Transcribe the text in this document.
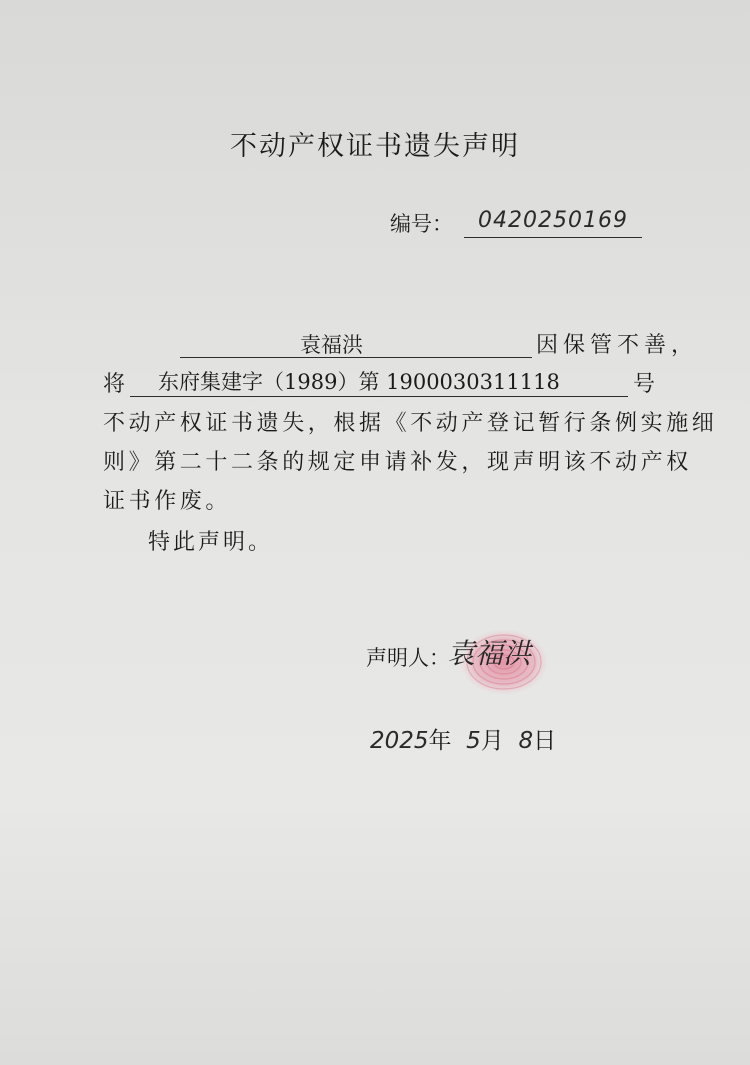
不动产权证书遗失声明
编号： 0420250169
袁福洪	因保管不善，
将 东府集建字（1989）第 1900030311118	号
不动产权证书遗失，根据《不动产登记暂行条例实施细
则》第二十二条的规定申请补发，现声明该不动产权
证书作废。
特此声明。
声明人：
袁福洪
2025年 5月 8日
